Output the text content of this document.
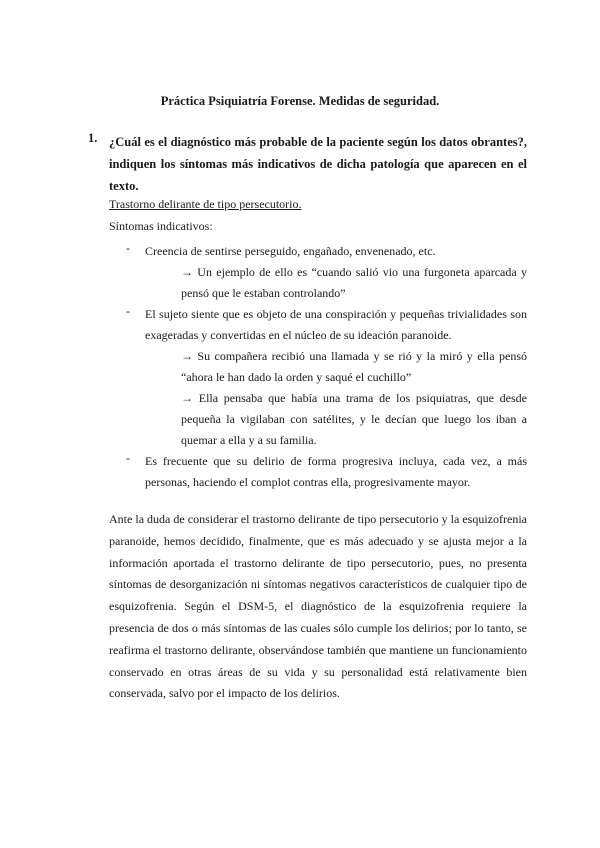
Práctica Psiquiatría Forense. Medidas de seguridad.
1. ¿Cuál es el diagnóstico más probable de la paciente según los datos obrantes?, indiquen los síntomas más indicativos de dicha patología que aparecen en el texto.
Trastorno delirante de tipo persecutorio.
Síntomas indicativos:
- Creencia de sentirse perseguido, engañado, envenenado, etc.
→ Un ejemplo de ello es “cuando salió vio una furgoneta aparcada y pensó que le estaban controlando”
- El sujeto siente que es objeto de una conspiración y pequeñas trivialidades son exageradas y convertidas en el núcleo de su ideación paranoide.
→ Su compañera recibió una llamada y se rió y la miró y ella pensó “ahora le han dado la orden y saqué el cuchillo”
→ Ella pensaba que había una trama de los psiquiatras, que desde pequeña la vigilaban con satélites, y le decían que luego los iban a quemar a ella y a su familia.
- Es frecuente que su delirio de forma progresiva incluya, cada vez, a más personas, haciendo el complot contras ella, progresivamente mayor.
Ante la duda de considerar el trastorno delirante de tipo persecutorio y la esquizofrenia paranoide, hemos decidido, finalmente, que es más adecuado y se ajusta mejor a la información aportada el trastorno delirante de tipo persecutorio, pues, no presenta síntomas de desorganización ni síntomas negativos característicos de cualquier tipo de esquizofrenia. Según el DSM-5, el diagnóstico de la esquizofrenia requiere la presencia de dos o más síntomas de las cuales sólo cumple los delirios; por lo tanto, se reafirma el trastorno delirante, observándose también que mantiene un funcionamiento conservado en otras áreas de su vida y su personalidad está relativamente bien conservada, salvo por el impacto de los delirios.
